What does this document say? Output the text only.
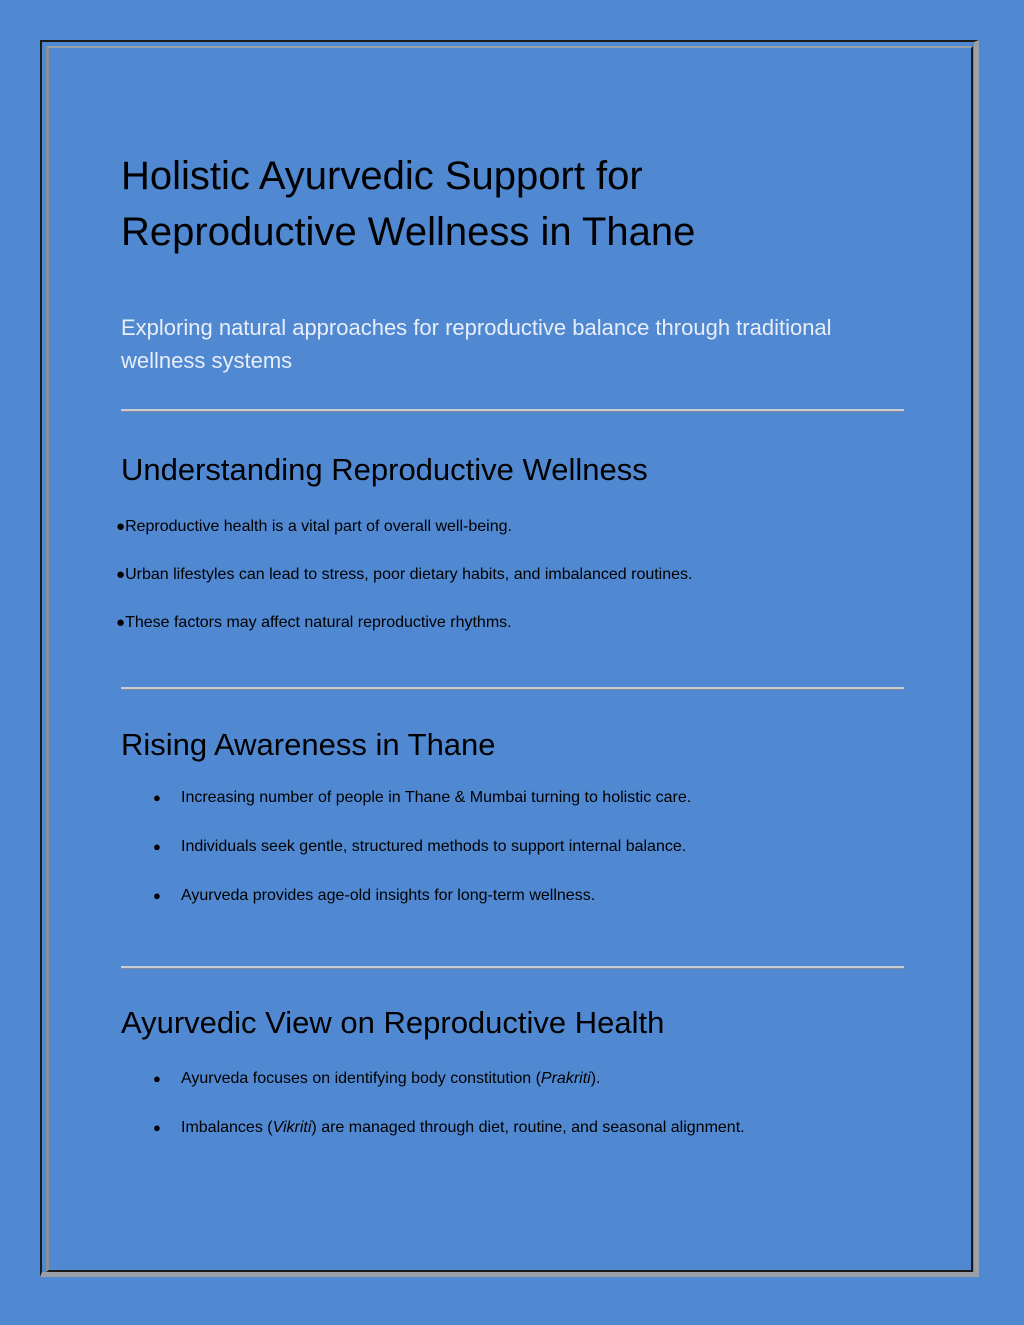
Holistic Ayurvedic Support for Reproductive Wellness in Thane

Exploring natural approaches for reproductive balance through traditional wellness systems

Understanding Reproductive Wellness
●Reproductive health is a vital part of overall well-being.
●Urban lifestyles can lead to stress, poor dietary habits, and imbalanced routines.
●These factors may affect natural reproductive rhythms.
Rising Awareness in Thane
● Increasing number of people in Thane & Mumbai turning to holistic care.
● Individuals seek gentle, structured methods to support internal balance.
● Ayurveda provides age-old insights for long-term wellness.
Ayurvedic View on Reproductive Health
● Ayurveda focuses on identifying body constitution (Prakriti).
● Imbalances (Vikriti) are managed through diet, routine, and seasonal alignment.
